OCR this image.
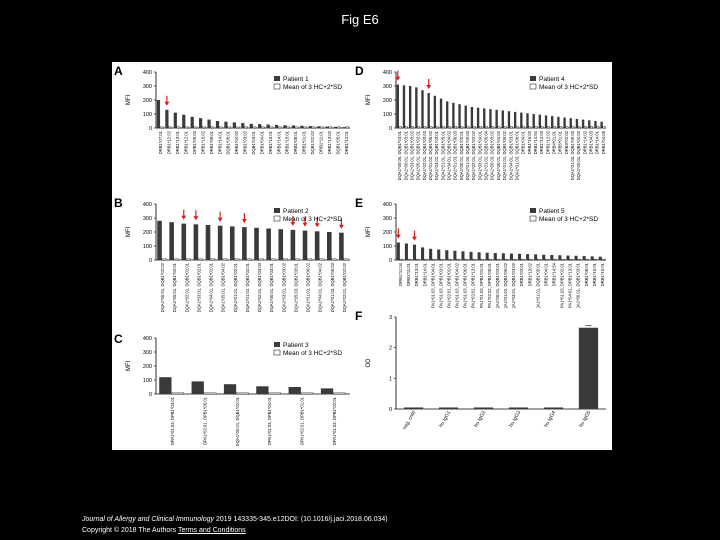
Fig E6
A
B
C
D
E
F
MFI
400
300
200
100
0
DRB1*07:01 DRB1*12:02 DRB1*13:01 DRB1*12:01 DPB1*05:03 DRB1*10:02 DRB1*09:01 DRB1*14:01 DQB1*06:01 DRB1*04:02 DRB1*03:02 DQB1*03:01 DRB1*04:01 DRB1*16:01 DRB1*14:01 DRB1*15:01 DRB1*08:01 DRB1*01:01 DQB1*02:02 DRB1*11:01 DRB1*13:02 DQB1*05:01 DRB1*12:01
Patient 1
Mean of 3 HC+2*SD
MFI
400
300
200
100
0
DQA1*06:01, DQB1*02:02 DQA1*05:01, DQB1*02:01 DQA1*02:01, DQB1*02:01 DQA1*03:01, DQB1*02:01 DQA1*04:01, DQB1*02:01 DQA1*05:01, DQB1*04:02 DQA1*01:01, DQB1*02:01 DQA1*01:02, DQB1*02:01 DQA1*02:01, DQB1*03:03 DQA1*06:01, DQB1*03:01 DQA1*03:01, DQB1*03:02 DQA1*05:03, DQB1*03:01 DQA1*01:02, DQB1*06:02 DQA1*04:01, DQB1*04:02 DQA1*01:03, DQB1*06:03 DQA1*02:01, DQB1*02:02
Patient 2
Mean of 3 HC+2*SD
MFI
400
300
200
100
0
DPA1*01:03, DPB1*03:01	DPA1*02:01, DPB1*06:01	DQA1*05:01, DQB1*02:01	DPA1*01:03, DPB1*04:01	DPA1*02:01, DPB1*01:01	DPA1*01:03, DPB1*02:01
Patient 3
Mean of 3 HC+2*SD
MFI
400
300
200
100
0
DQA1*05:05, DQB1*03:01 DQA1*06:01, DQB1*03:01 DQA1*03:01, DQB1*03:02 DQA1*05:01, DQB1*03:01 DQA1*02:01, DQB1*03:03 DQA1*01:02, DQB1*06:02 DQA1*03:02, DQB1*03:01 DQA1*01:01, DQB1*05:01 DQA1*04:01, DQB1*04:02 DQA1*01:03, DQB1*06:03 DQA1*05:01, DQB1*02:01 DQA1*01:04, DQB1*05:03 DQA1*02:01, DQB1*02:02 DQA1*03:01, DQB1*04:01 DQA1*01:02, DQB1*06:04 DQA1*05:03, DQB1*03:02 DQA1*06:01, DQB1*04:02 DQA1*01:01, DQB1*05:02 DQA1*04:01, DQB1*03:01 DQA1*01:03, DQB1*06:01 DRB1*04:01 DRB1*16:02 DRB1*14:54 DRB1*13:03 DRB1*12:02 DRB4*01:01 DRB5*01:01 DRB3*02:02 DQA1*01:03, DQB1*06:03 DQA1*05:01, DQB1*04:02 DRB1*14:02 DRB1*04:03 DRB1*14:01 DRB1*04:05
Patient 4
Mean of 3 HC+2*SD
MFI
400
300
200
100
0
DRB1*11:04 DRB1*11:01 DRB1*13:01 DRB1*14:01 DPA1*01:03, DPB1*04:01 DPA1*01:03, DPB1*03:01 DPA1*02:01, DPB1*02:01 DPA1*01:03, DPB1*04:02 DPA1*01:03, DPB1*06:01 DPA1*02:01, DPB1*13:01 DPA1*01:03, DPB1*01:01 DPA1*02:02, DPB1*05:01 DQA1*05:01, DQB1*03:01 DQA1*01:02, DQB1*06:02 DQA1*03:01, DQB1*03:02 DRB1*03:01 DRB1*13:02 DQA1*01:01, DQB1*05:01 DRB1*04:01 DRB1*14:54 DPA1*01:03, DPB1*02:01 DPA1*04:01, DPB1*13:01 DQA1*06:01, DQB1*03:01 DRB1*08:01 DRB1*16:01 DRB1*15:01
Patient 5
Mean of 3 HC+2*SD
OD
3
2
1
0 neg. cntrl	hu IgG1	hu IgG2	hu IgG3	hu IgG4	hu IgG5
Journal of Allergy and Clinical Immunology 2019 143335-345.e12DOI: (10.1016/j.jaci.2018.06.034)
Copyright © 2018 The Authors Terms and Conditions
